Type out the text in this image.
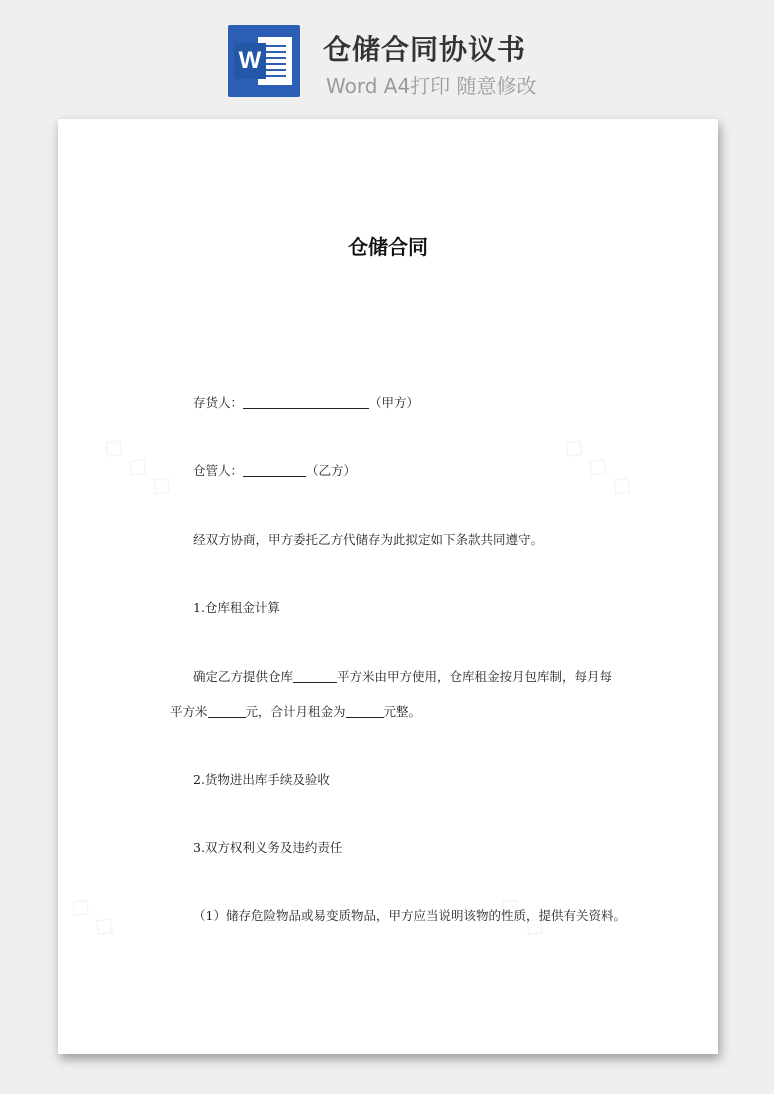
W 仓储合同协议书
Word A4打印 随意修改
仓储合同
存货人：	（甲方）
仓管人：	（乙方）
经双方协商，甲方委托乙方代储存为此拟定如下条款共同遵守。
1.仓库租金计算
确定乙方提供仓库	平方米由甲方使用，仓库租金按月包库制，每月每
平方米	元，合计月租金为	元整。
2.货物进出库手续及验收
3.双方权利义务及违约责任
（1）储存危险物品或易变质物品，甲方应当说明该物的性质，提供有关资料。
